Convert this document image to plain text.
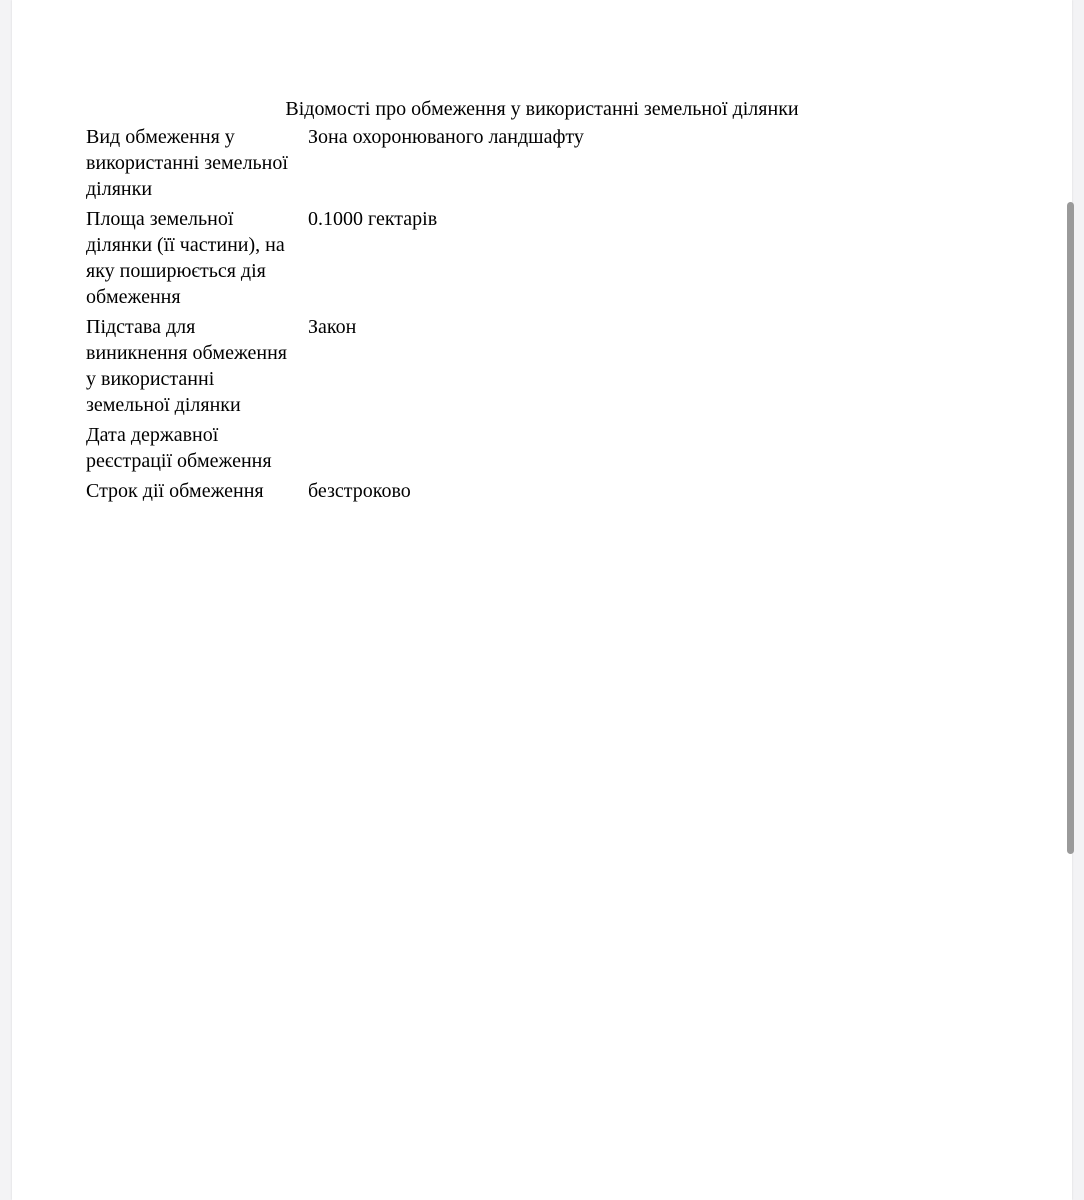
Відомості про обмеження у використанні земельної ділянки
Вид обмеження у
використанні земельної
ділянки
Зона охоронюваного ландшафту
Площа земельної
ділянки (її частини), на
яку поширюється дія
обмеження
0.1000 гектарів
Підстава для
виникнення обмеження
у використанні
земельної ділянки
Закон
Дата державної
реєстрації обмеження
Строк дії обмеження	безстроково
